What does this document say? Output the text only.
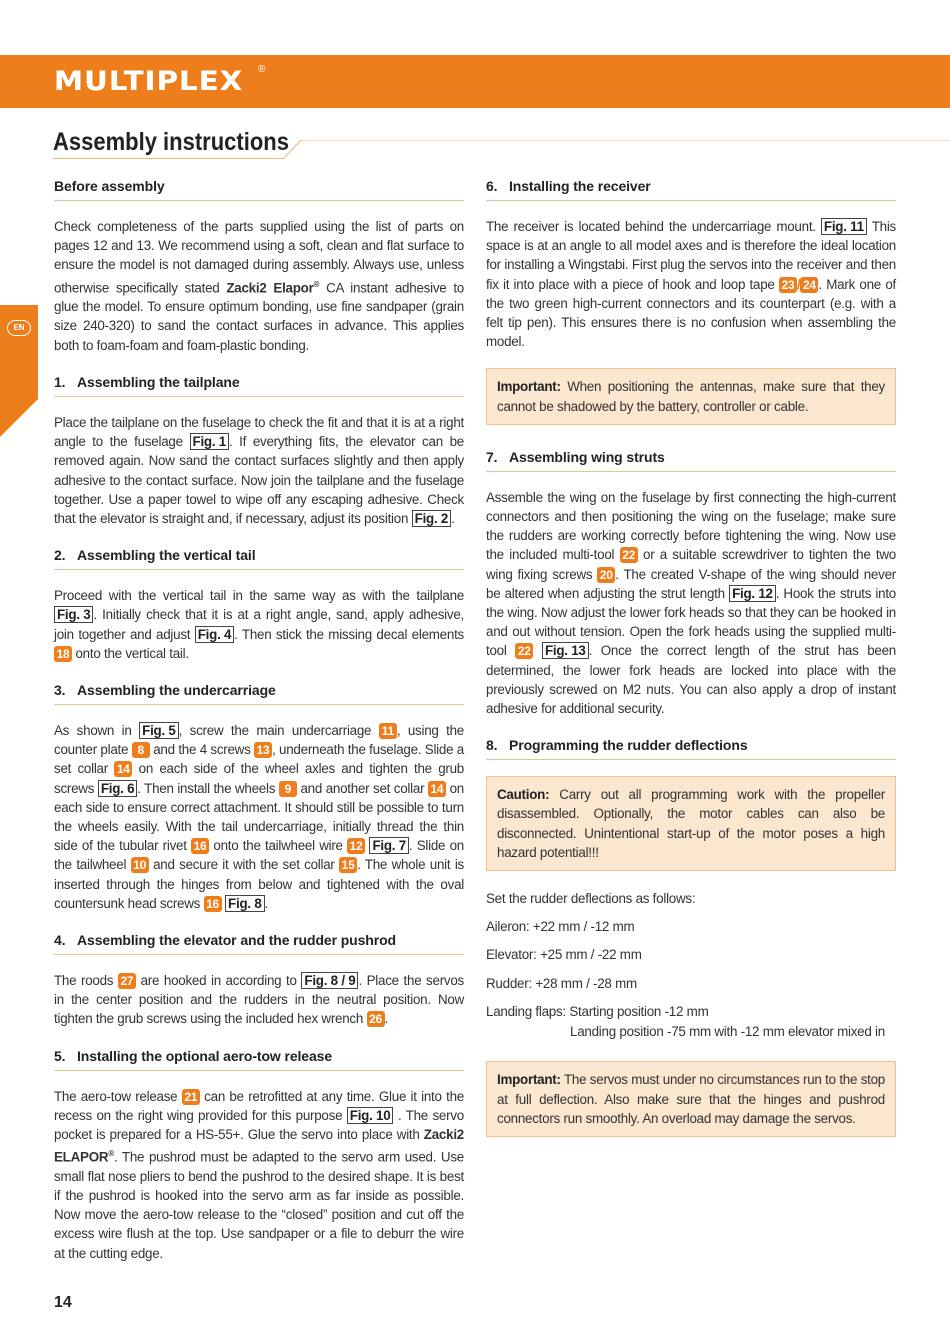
MULTIPLEX ®
EN
Assembly instructions
Before assembly

Check completeness of the parts supplied using the list of parts on pages 12 and 13. We recommend using a soft, clean and flat surface to ensure the model is not damaged during assembly. Always use, unless otherwise specifically stated Zacki2 Elapor® CA instant adhesive to glue the model. To ensure optimum bonding, use fine sandpaper (grain size 240-320) to sand the contact surfaces in advance. This applies both to foam-foam and foam-plastic bonding.

1. Assembling the tailplane

Place the tailplane on the fuselage to check the fit and that it is at a right angle to the fuselage Fig. 1 . If everything fits, the elevator can be removed again. Now sand the contact surfaces slightly and then apply adhesive to the contact surface. Now join the tailplane and the fuselage together. Use a paper towel to wipe off any escaping adhesive. Check that the elevator is straight and, if necessary, adjust its position Fig. 2 .

2. Assembling the vertical tail

Proceed with the vertical tail in the same way as with the tailplane Fig. 3 . Initially check that it is at a right angle, sand, apply adhesive, join together and adjust Fig. 4 . Then stick the missing decal elements 18 onto the vertical tail.

3. Assembling the undercarriage

As shown in Fig. 5 , screw the main undercarriage 11 , using the counter plate 8 and the 4 screws 13 , underneath the fuselage. Slide a set collar 14 on each side of the wheel axles and tighten the grub screws Fig. 6 . Then install the wheels 9 and another set collar 14 on each side to ensure correct attachment. It should still be possible to turn the wheels easily. With the tail undercarriage, initially thread the thin side of the tubular rivet 16 onto the tailwheel wire 12 Fig. 7 . Slide on the tailwheel 10 and secure it with the set collar 15 . The whole unit is inserted through the hinges from below and tightened with the oval countersunk head screws 16 Fig. 8 .

4. Assembling the elevator and the rudder pushrod

The roods 27 are hooked in according to Fig. 8 / 9 . Place the servos in the center position and the rudders in the neutral position. Now tighten the grub screws using the included hex wrench 26 .

5. Installing the optional aero-tow release

The aero-tow release 21 can be retrofitted at any time. Glue it into the recess on the right wing provided for this purpose Fig. 10 . The servo pocket is prepared for a HS-55+. Glue the servo into place with Zacki2 ELAPOR®. The pushrod must be adapted to the servo arm used. Use small flat nose pliers to bend the pushrod to the desired shape. It is best if the pushrod is hooked into the servo arm as far inside as possible. Now move the aero-tow release to the “closed” position and cut off the excess wire flush at the top. Use sandpaper or a file to deburr the wire at the cutting edge.

6. Installing the receiver

The receiver is located behind the undercarriage mount. Fig. 11 This space is at an angle to all model axes and is therefore the ideal location for installing a Wingstabi. First plug the servos into the receiver and then fix it into place with a piece of hook and loop tape 23 / 24 . Mark one of the two green high-current connectors and its counterpart (e.g. with a felt tip pen). This ensures there is no confusion when assembling the model.

Important: When positioning the antennas, make sure that they cannot be shadowed by the battery, controller or cable.
7. Assembling wing struts

Assemble the wing on the fuselage by first connecting the high-current connectors and then positioning the wing on the fuselage; make sure the rudders are working correctly before tightening the wing. Now use the included multi-tool 22 or a suitable screwdriver to tighten the two wing fixing screws 20 . The created V-shape of the wing should never be altered when adjusting the strut length Fig. 12 . Hook the struts into the wing. Now adjust the lower fork heads so that they can be hooked in and out without tension. Open the fork heads using the supplied multi-tool 22 Fig. 13 . Once the correct length of the strut has been determined, the lower fork heads are locked into place with the previously screwed on M2 nuts. You can also apply a drop of instant adhesive for additional security.

8. Programming the rudder deflections
Caution: Carry out all programming work with the propeller disassembled. Optionally, the motor cables can also be disconnected. Unintentional start-up of the motor poses a high hazard potential!!!
Set the rudder deflections as follows:
Aileron: +22 mm / -12 mm
Elevator: +25 mm / -22 mm
Rudder: +28 mm / -28 mm
Landing flaps: Starting position -12 mm
Landing position -75 mm with -12 mm elevator mixed in
Important: The servos must under no circumstances run to the stop at full deflection. Also make sure that the hinges and pushrod connectors run smoothly. An overload may damage the servos.
14
